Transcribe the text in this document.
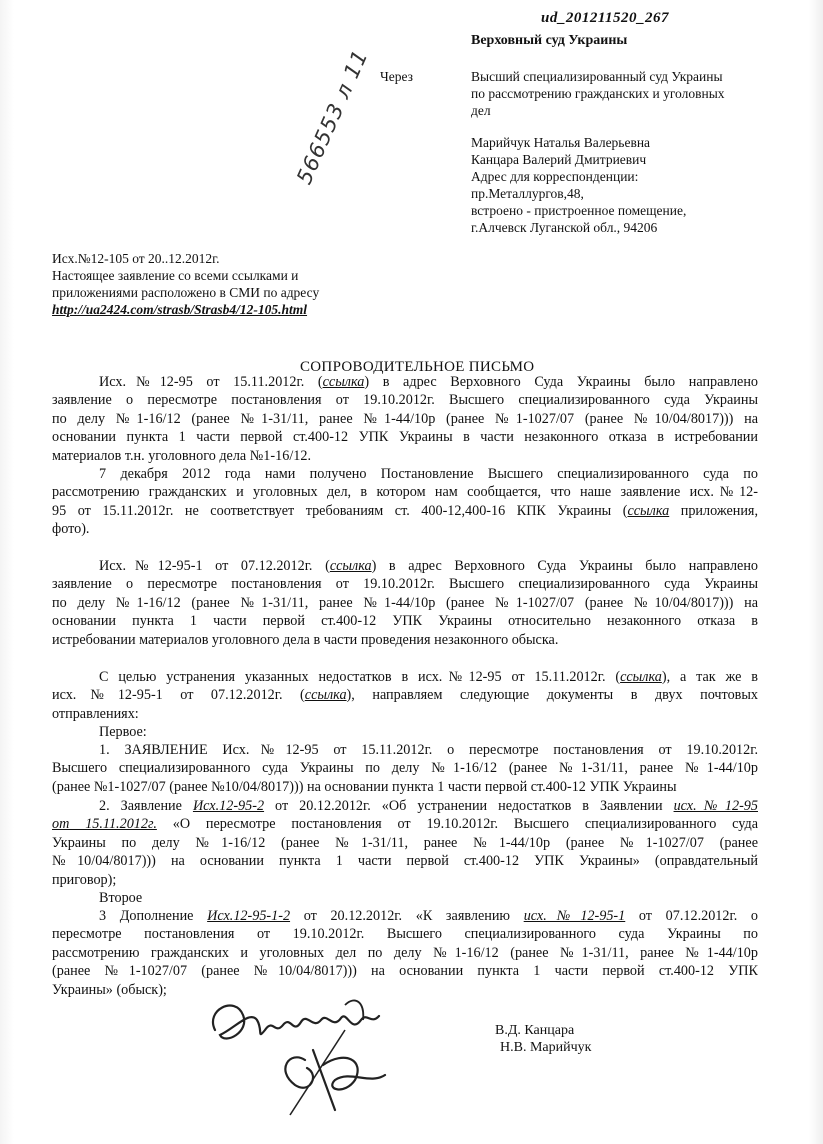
ud_201211520_267
Верховный суд Украины
Через	Высший специализированный суд Украины
по рассмотрению гражданских и уголовных
дел
Марийчук Наталья Валерьевна
Канцара Валерий Дмитриевич
Адрес для корреспонденции:
пр.Металлургов,48,
встроено - пристроенное помещение,
г.Алчевск Луганской обл., 94206
566553 л 11
Исх.№12-105 от 20..12.2012г.
Настоящее заявление со всеми ссылками и
приложениями расположено в СМИ по адресу
http://ua2424.com/strasb/Strasb4/12-105.html
СОПРОВОДИТЕЛЬНОЕ ПИСЬМО
Исх.№12-95 от 15.11.2012г. (ссылка) в адрес Верховного Суда Украины было направлено
заявление о пересмотре постановления от 19.10.2012г. Высшего специализированного суда Украины
по делу №1-16/12 (ранее №1-31/11, ранее №1-44/10р (ранее №1-1027/07 (ранее №10/04/8017))) на
основании пункта 1 части первой ст.400-12 УПК Украины в части незаконного отказа в истребовании
материалов т.н. уголовного дела №1-16/12.
7 декабря 2012 года нами получено Постановление Высшего специализированного суда по
рассмотрению гражданских и уголовных дел, в котором нам сообщается, что наше заявление исх.№12-
95 от 15.11.2012г. не соответствует требованиям ст. 400-12,400-16 КПК Украины (ссылка приложения,
фото).
Исх.№12-95-1 от 07.12.2012г. (ссылка) в адрес Верховного Суда Украины было направлено
заявление о пересмотре постановления от 19.10.2012г. Высшего специализированного суда Украины
по делу №1-16/12 (ранее №1-31/11, ранее №1-44/10р (ранее №1-1027/07 (ранее №10/04/8017))) на
основании пункта 1 части первой ст.400-12 УПК Украины относительно незаконного отказа в
истребовании материалов уголовного дела в части проведения незаконного обыска.
С целью устранения указанных недостатков в исх.№12-95 от 15.11.2012г. (ссылка), а так же в
исх.№12-95-1 от 07.12.2012г. (ссылка), направляем следующие документы в двух почтовых
отправлениях:
Первое:
1. ЗАЯВЛЕНИЕ Исх.№12-95 от 15.11.2012г. о пересмотре постановления от 19.10.2012г.
Высшего специализированного суда Украины по делу №1-16/12 (ранее №1-31/11, ранее №1-44/10р
(ранее №1-1027/07 (ранее №10/04/8017))) на основании пункта 1 части первой ст.400-12 УПК Украины
2. Заявление Исх.12-95-2 от 20.12.2012г. «Об устранении недостатков в Заявлении исх.№12-95
от 15.11.2012г. «О пересмотре постановления от 19.10.2012г. Высшего специализированного суда
Украины по делу №1-16/12 (ранее №1-31/11, ранее №1-44/10р (ранее №1-1027/07 (ранее
№10/04/8017))) на основании пункта 1 части первой ст.400-12 УПК Украины» (оправдательный
приговор);
Второе
3 Дополнение Исх.12-95-1-2 от 20.12.2012г. «К заявлению исх.№12-95-1 от 07.12.2012г. о
пересмотре постановления от 19.10.2012г. Высшего специализированного суда Украины по
рассмотрению гражданских и уголовных дел по делу №1-16/12 (ранее №1-31/11, ранее №1-44/10р
(ранее №1-1027/07 (ранее №10/04/8017))) на основании пункта 1 части первой ст.400-12 УПК
Украины» (обыск);
В.Д. Канцара
Н.В. Марийчук
